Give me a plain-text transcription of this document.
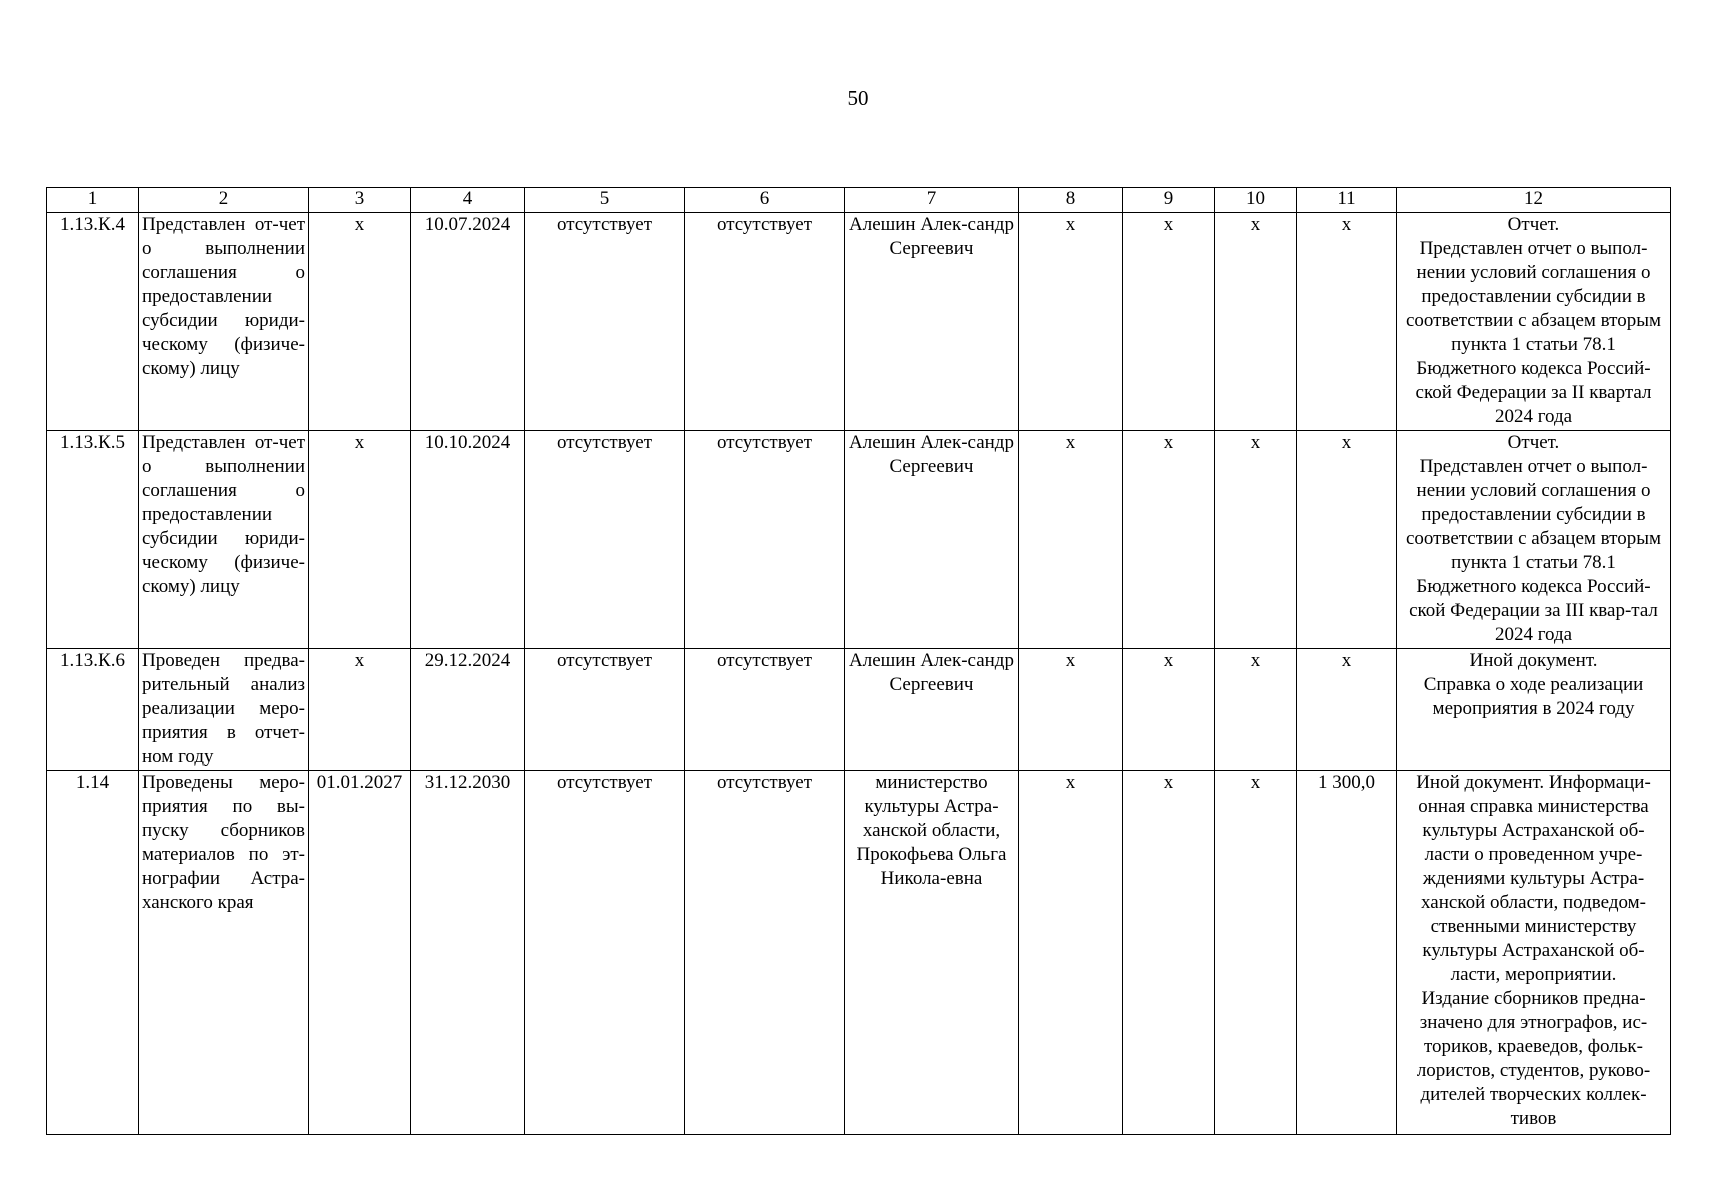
50
1	2	3	4	5	6	7	8	9	10	11	12
1.13.К.4	Представлен от-чет о выполнении соглашения о предоставлении субсидии юриди-ческому (физиче-скому) лицу	x	10.07.2024	отсутствует	отсутствует	Алешин Алек-сандр Сергеевич	x	x	x	x	Отчет.
Представлен отчет о выпол-нении условий соглашения о предоставлении субсидии в соответствии с абзацем вторым пункта 1 статьи 78.1 Бюджетного кодекса Россий-ской Федерации за II квартал 2024 года

1.13.К.5	Представлен от-чет о выполнении соглашения о предоставлении субсидии юриди-ческому (физиче-скому) лицу	x	10.10.2024	отсутствует	отсутствует	Алешин Алек-сандр Сергеевич	x	x	x	x	Отчет.
Представлен отчет о выпол-нении условий соглашения о предоставлении субсидии в соответствии с абзацем вторым пункта 1 статьи 78.1 Бюджетного кодекса Россий-ской Федерации за III квар-тал 2024 года

1.13.К.6	Проведен предва-рительный анализ реализации меро-приятия в отчет-ном году	x	29.12.2024	отсутствует	отсутствует	Алешин Алек-сандр Сергеевич	x	x	x	x	Иной документ.
Справка о ходе реализации мероприятия в 2024 году

1.14	Проведены меро-приятия по вы-пуску сборников материалов по эт-нографии Астра-ханского края	01.01.2027	31.12.2030	отсутствует	отсутствует	министерство культуры Астра-ханской области, Прокофьева Ольга Никола-евна	x	x	x	1 300,0	Иной документ. Информаци-онная справка министерства культуры Астраханской об-ласти о проведенном учре-ждениями культуры Астра-ханской области, подведом-ственными министерству культуры Астраханской об-ласти, мероприятии.
Издание сборников предна-значено для этнографов, ис-ториков, краеведов, фольк-лористов, студентов, руково-дителей творческих коллек-тивов
